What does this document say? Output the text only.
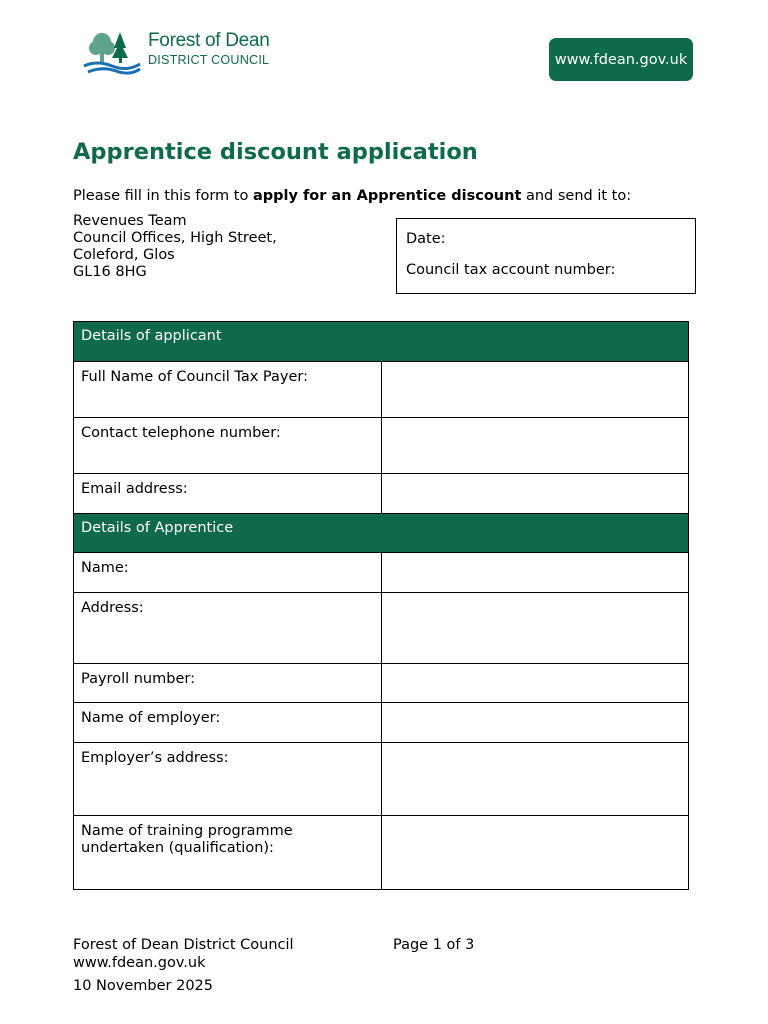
Forest of Dean
DISTRICT COUNCIL	www.fdean.gov.uk
Apprentice discount application
Please fill in this form to apply for an Apprentice discount and send it to:
Revenues Team
Council Offices, High Street,
Coleford, Glos
GL16 8HG
Date:
Council tax account number:
Details of applicant	

Full Name of Council Tax Payer:	

Contact telephone number:	

Email address:	

Details of Apprentice	

Name:	

Address:	

Payroll number:	

Name of employer:	

Employer’s address:	

Name of training programme undertaken (qualification):	

Forest of Dean District Council
www.fdean.gov.uk
10 November 2025
Page 1 of 3
